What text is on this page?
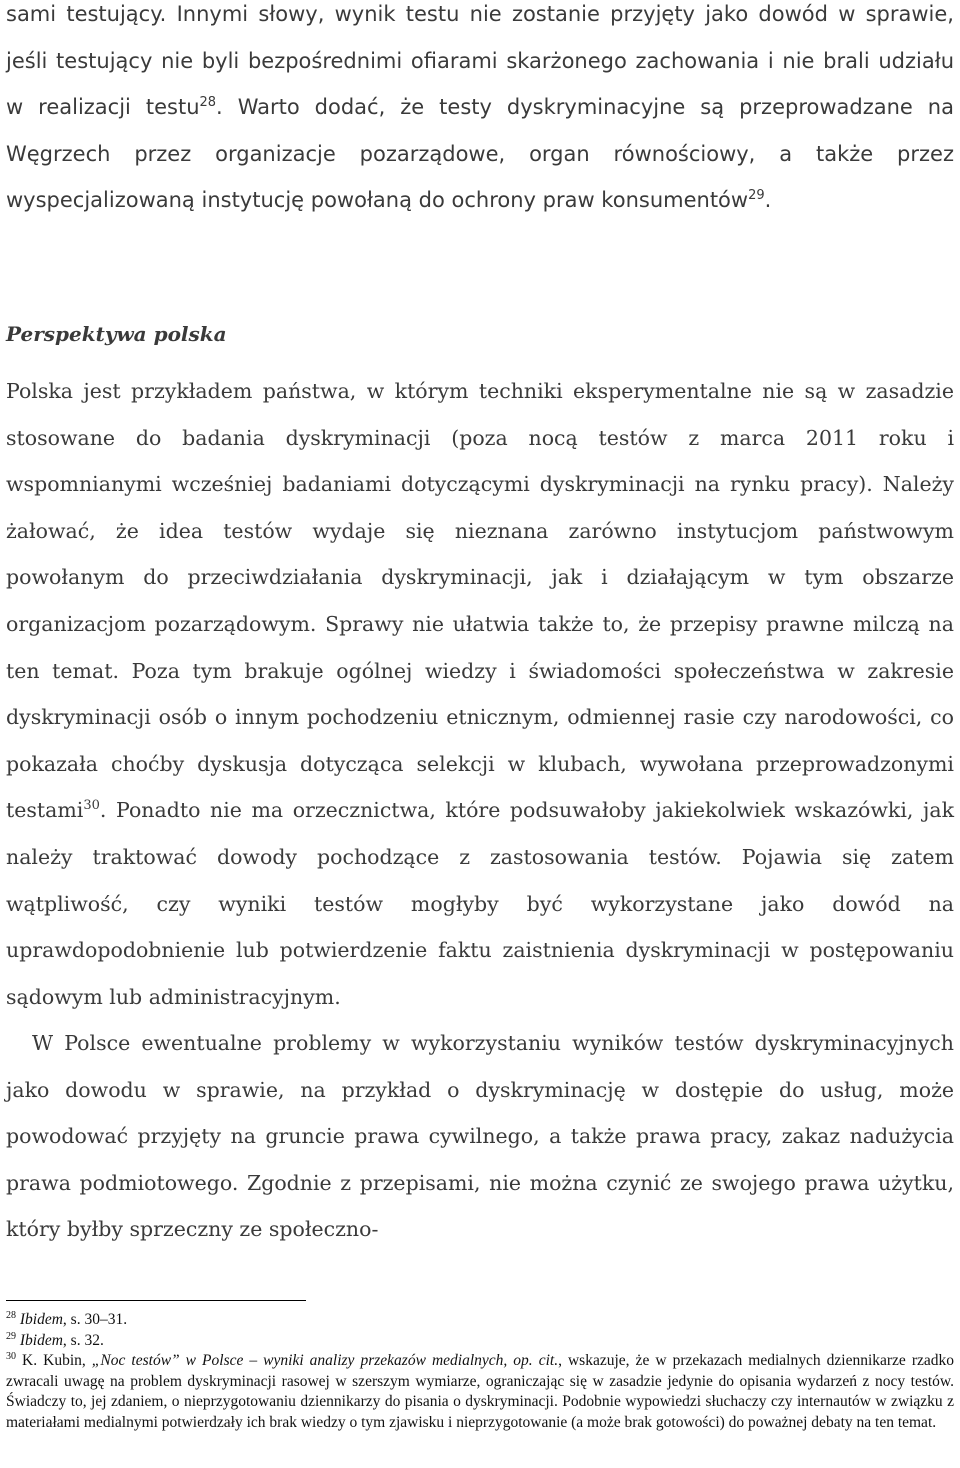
sami testujący. Innymi słowy, wynik testu nie zostanie przyjęty jako dowód w sprawie, jeśli testujący nie byli bezpośrednimi ofiarami skarżonego zachowania i nie brali udziału w realizacji testu$^{28}$. Warto dodać, że testy dyskryminacyjne są przeprowadzane na Węgrzech przez organizacje pozarządowe, organ równościowy, a także przez wyspecjalizowaną instytucję powołaną do ochrony praw konsumentów$^{29}$.

Perspektywa polska

Polska jest przykładem państwa, w którym techniki eksperymentalne nie są w zasadzie stosowane do badania dyskryminacji (poza nocą testów z marca 2011 roku i wspomnianymi wcześniej badaniami dotyczącymi dyskryminacji na rynku pracy). Należy żałować, że idea testów wydaje się nieznana zarówno instytucjom państwowym powołanym do przeciwdziałania dyskryminacji, jak i działającym w tym obszarze organizacjom pozarządowym. Sprawy nie ułatwia także to, że przepisy prawne milczą na ten temat. Poza tym brakuje ogólnej wiedzy i świadomości społeczeństwa w zakresie dyskryminacji osób o innym pochodzeniu etnicznym, odmiennej rasie czy narodowości, co pokazała choćby dyskusja dotycząca selekcji w klubach, wywołana przeprowadzonymi testami$^{30}$. Ponadto nie ma orzecznictwa, które podsuwałoby jakiekolwiek wskazówki, jak należy traktować dowody pochodzące z zastosowania testów. Pojawia się zatem wątpliwość, czy wyniki testów mogłyby być wykorzystane jako dowód na uprawdopodobnienie lub potwierdzenie faktu zaistnienia dyskryminacji w postępowaniu sądowym lub administracyjnym.

W Polsce ewentualne problemy w wykorzystaniu wyników testów dyskryminacyjnych jako dowodu w sprawie, na przykład o dyskryminację w dostępie do usług, może powodować przyjęty na gruncie prawa cywilnego, a także prawa pracy, zakaz nadużycia prawa podmiotowego. Zgodnie z przepisami, nie można czynić ze swojego prawa użytku, który byłby sprzeczny ze społeczno-

$^{28}$ Ibidem, s. 30–31.

$^{29}$ Ibidem, s. 32.

$^{30}$ K. Kubin, „Noc testów” w Polsce – wyniki analizy przekazów medialnych, op. cit., wskazuje, że w przekazach medialnych dziennikarze rzadko zwracali uwagę na problem dyskryminacji rasowej w szerszym wymiarze, ograniczając się w zasadzie jedynie do opisania wydarzeń z nocy testów. Świadczy to, jej zdaniem, o nieprzygotowaniu dziennikarzy do pisania o dyskryminacji. Podobnie wypowiedzi słuchaczy czy internautów w związku z materiałami medialnymi potwierdzały ich brak wiedzy o tym zjawisku i nieprzygotowanie (a może brak gotowości) do poważnej debaty na ten temat.
